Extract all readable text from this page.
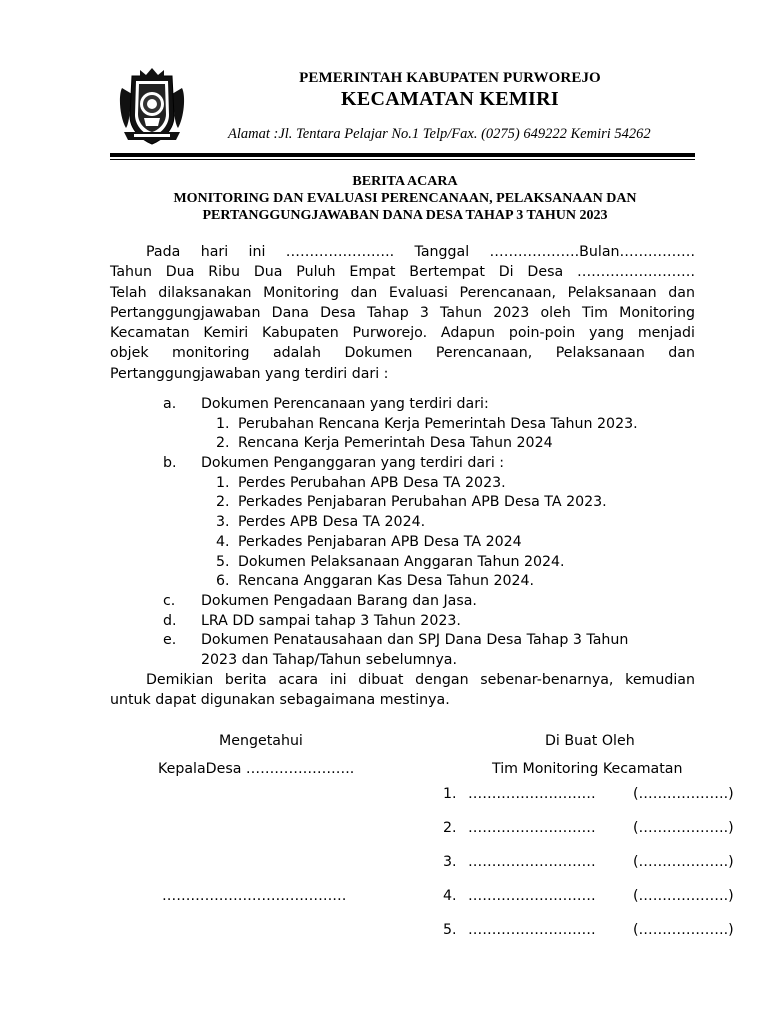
PEMERINTAH KABUPATEN PURWOREJO
KECAMATAN KEMIRI
Alamat :Jl. Tentara Pelajar No.1 Telp/Fax. (0275) 649222 Kemiri 54262
BERITA ACARA
MONITORING DAN EVALUASI PERENCANAAN, PELAKSANAAN DAN
PERTANGGUNGJAWABAN DANA DESA TAHAP 3 TAHUN 2023
Pada hari ini ………………….. Tanggal ……………….Bulan…………….
Tahun Dua Ribu Dua Puluh Empat Bertempat Di Desa …………………….
Telah dilaksanakan Monitoring dan Evaluasi Perencanaan, Pelaksanaan dan
Pertanggungjawaban Dana Desa Tahap 3 Tahun 2023 oleh Tim Monitoring
Kecamatan Kemiri Kabupaten Purworejo. Adapun poin-poin yang menjadi
objek monitoring adalah Dokumen Perencanaan, Pelaksanaan dan
Pertanggungjawaban yang terdiri dari :
a. Dokumen Perencanaan yang terdiri dari:
1. Perubahan Rencana Kerja Pemerintah Desa Tahun 2023.
2. Rencana Kerja Pemerintah Desa Tahun 2024
b. Dokumen Penganggaran yang terdiri dari :
1. Perdes Perubahan APB Desa TA 2023.
2. Perkades Penjabaran Perubahan APB Desa TA 2023.
3. Perdes APB Desa TA 2024.
4. Perkades Penjabaran APB Desa TA 2024
5. Dokumen Pelaksanaan Anggaran Tahun 2024.
6. Rencana Anggaran Kas Desa Tahun 2024.
c. Dokumen Pengadaan Barang dan Jasa.
d. LRA DD sampai tahap 3 Tahun 2023.
e. Dokumen Penatausahaan dan SPJ Dana Desa Tahap 3 Tahun
2023 dan Tahap/Tahun sebelumnya.
Demikian berita acara ini dibuat dengan sebenar-benarnya, kemudian
untuk dapat digunakan sebagaimana mestinya.
Mengetahui
KepalaDesa …………………..
…………………………………
Di Buat Oleh
Tim Monitoring Kecamatan
1. ………………………	(……………….)
2. ………………………	(……………….)
3. ………………………	(……………….)
4. ………………………	(……………….)
5. ………………………	(……………….)
